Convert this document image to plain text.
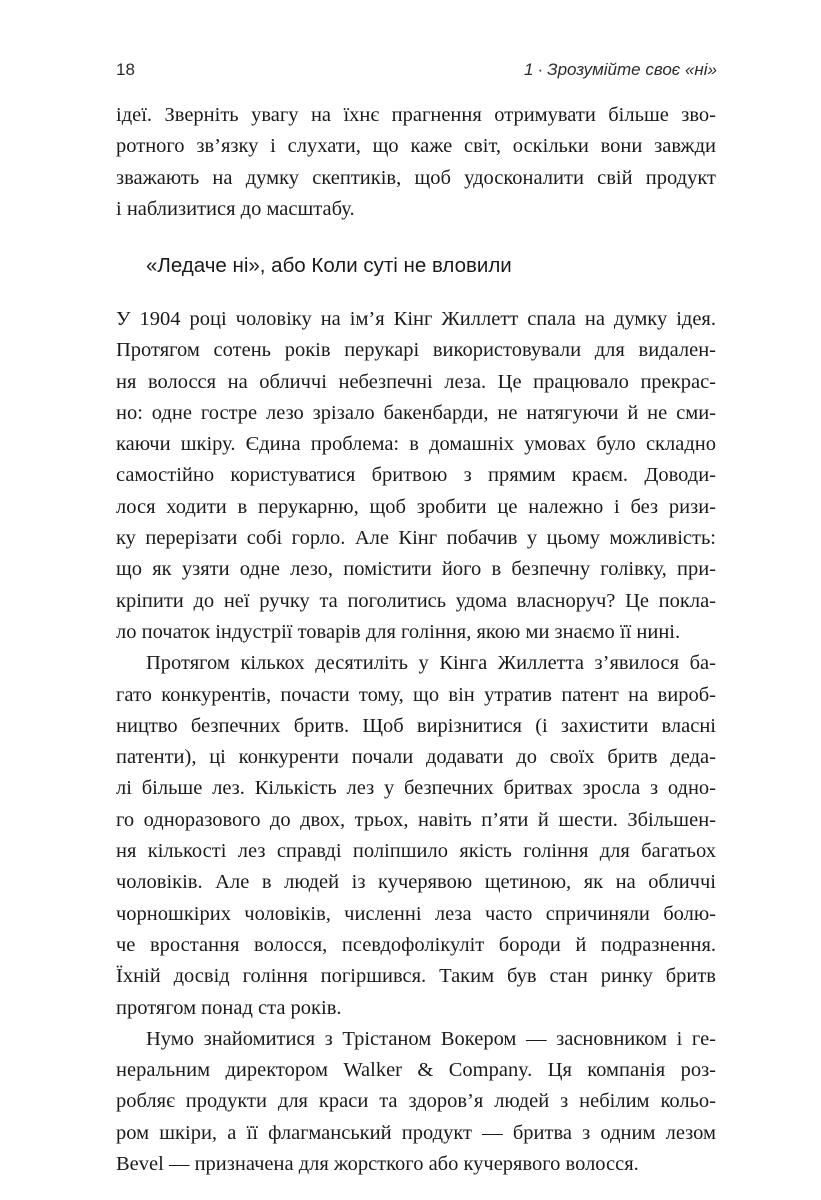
18	1 · Зрозумійте своє «ні»
ідеї. Зверніть увагу на їхнє прагнення отримувати більше зво-
ротного зв’язку і слухати, що каже світ, оскільки вони завжди
зважають на думку скептиків, щоб удосконалити свій продукт
і наблизитися до масштабу.
«Ледаче ні», або Коли суті не вловили
У 1904 році чоловіку на ім’я Кінг Жиллетт спала на думку ідея.
Протягом сотень років перукарі використовували для видален-
ня волосся на обличчі небезпечні леза. Це працювало прекрас-
но: одне гостре лезо зрізало бакенбарди, не натягуючи й не сми-
каючи шкіру. Єдина проблема: в домашніх умовах було складно
самостійно користуватися бритвою з прямим краєм. Доводи-
лося ходити в перукарню, щоб зробити це належно і без ризи-
ку перерізати собі горло. Але Кінг побачив у цьому можливість:
що як узяти одне лезо, помістити його в безпечну голівку, при-
кріпити до неї ручку та поголитись удома власноруч? Це покла-
ло початок індустрії товарів для гоління, якою ми знаємо її нині.
Протягом кількох десятиліть у Кінга Жиллетта з’явилося ба-
гато конкурентів, почасти тому, що він утратив патент на вироб-
ництво безпечних бритв. Щоб вирізнитися (і захистити власні
патенти), ці конкуренти почали додавати до своїх бритв деда-
лі більше лез. Кількість лез у безпечних бритвах зросла з одно-
го одноразового до двох, трьох, навіть п’яти й шести. Збільшен-
ня кількості лез справді поліпшило якість гоління для багатьох
чоловіків. Але в людей із кучерявою щетиною, як на обличчі
чорношкірих чоловіків, численні леза часто спричиняли болю-
че вростання волосся, псевдофолікуліт бороди й подразнення.
Їхній досвід гоління погіршився. Таким був стан ринку бритв
протягом понад ста років.
Нумо знайомитися з Трістаном Вокером — засновником і ге-
неральним директором Walker & Company. Ця компанія роз-
робляє продукти для краси та здоров’я людей з небілим кольо-
ром шкіри, а її флагманський продукт — бритва з одним лезом
Bevel — призначена для жорсткого або кучерявого волосся.
